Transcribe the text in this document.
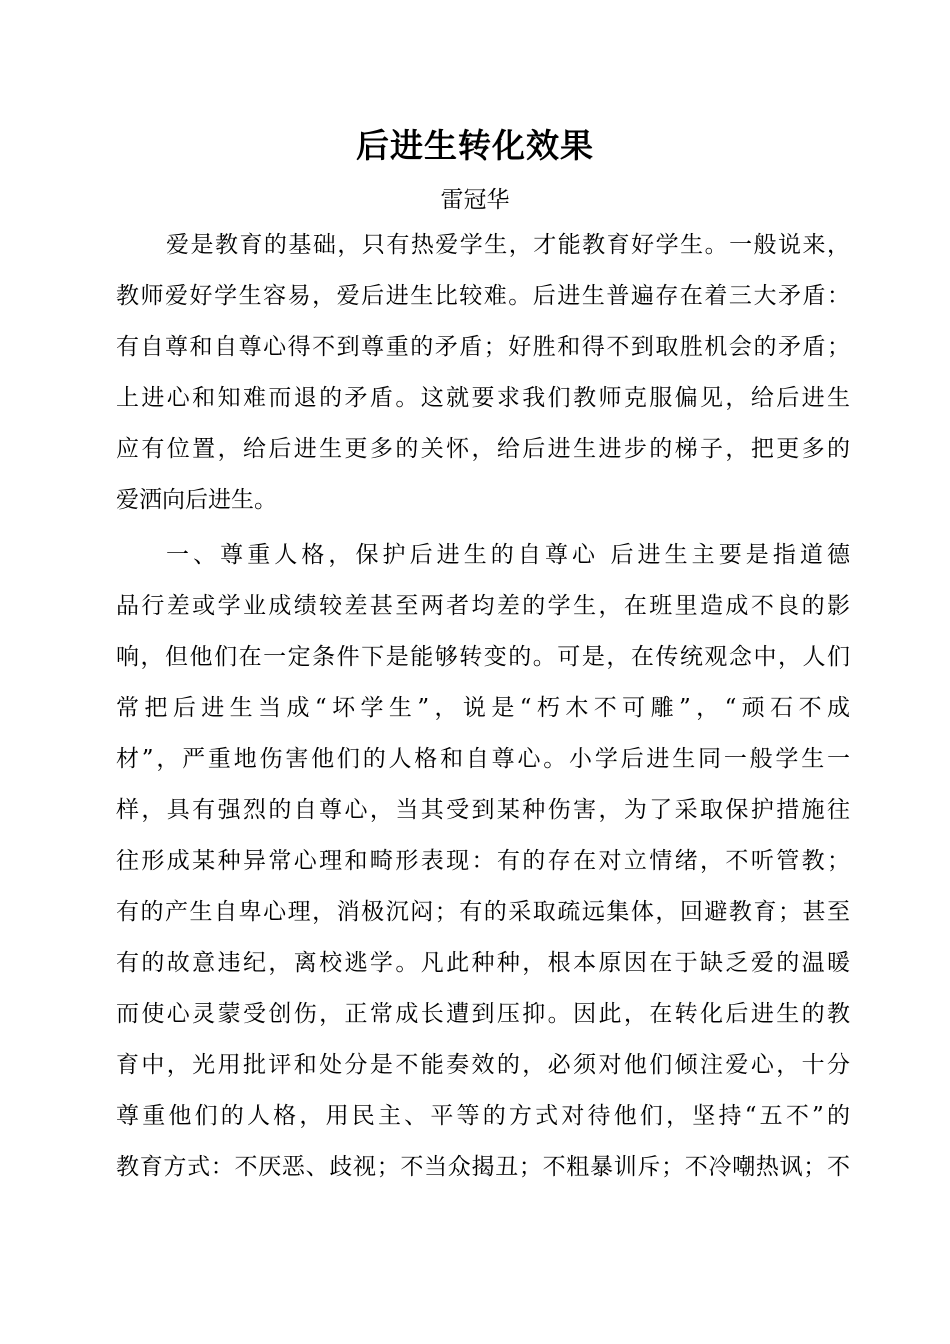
后进生转化效果
雷冠华
爱是教育的基础，只有热爱学生，才能教育好学生。一般说来，
教师爱好学生容易，爱后进生比较难。后进生普遍存在着三大矛盾：
有自尊和自尊心得不到尊重的矛盾；好胜和得不到取胜机会的矛盾；
上进心和知难而退的矛盾。这就要求我们教师克服偏见，给后进生
应有位置，给后进生更多的关怀，给后进生进步的梯子，把更多的
爱洒向后进生。
一、尊重人格，保护后进生的自尊心 后进生主要是指道德
品行差或学业成绩较差甚至两者均差的学生，在班里造成不良的影
响，但他们在一定条件下是能够转变的。可是，在传统观念中，人们
常把后进生当成“坏学生”，说是“朽木不可雕”，“顽石不成
材”，严重地伤害他们的人格和自尊心。小学后进生同一般学生一
样，具有强烈的自尊心，当其受到某种伤害，为了采取保护措施往
往形成某种异常心理和畸形表现：有的存在对立情绪，不听管教；
有的产生自卑心理，消极沉闷；有的采取疏远集体，回避教育；甚至
有的故意违纪，离校逃学。凡此种种，根本原因在于缺乏爱的温暖
而使心灵蒙受创伤，正常成长遭到压抑。因此，在转化后进生的教
育中，光用批评和处分是不能奏效的，必须对他们倾注爱心，十分
尊重他们的人格，用民主、平等的方式对待他们，坚持“五不”的
教育方式：不厌恶、歧视；不当众揭丑；不粗暴训斥；不冷嘲热讽；不
